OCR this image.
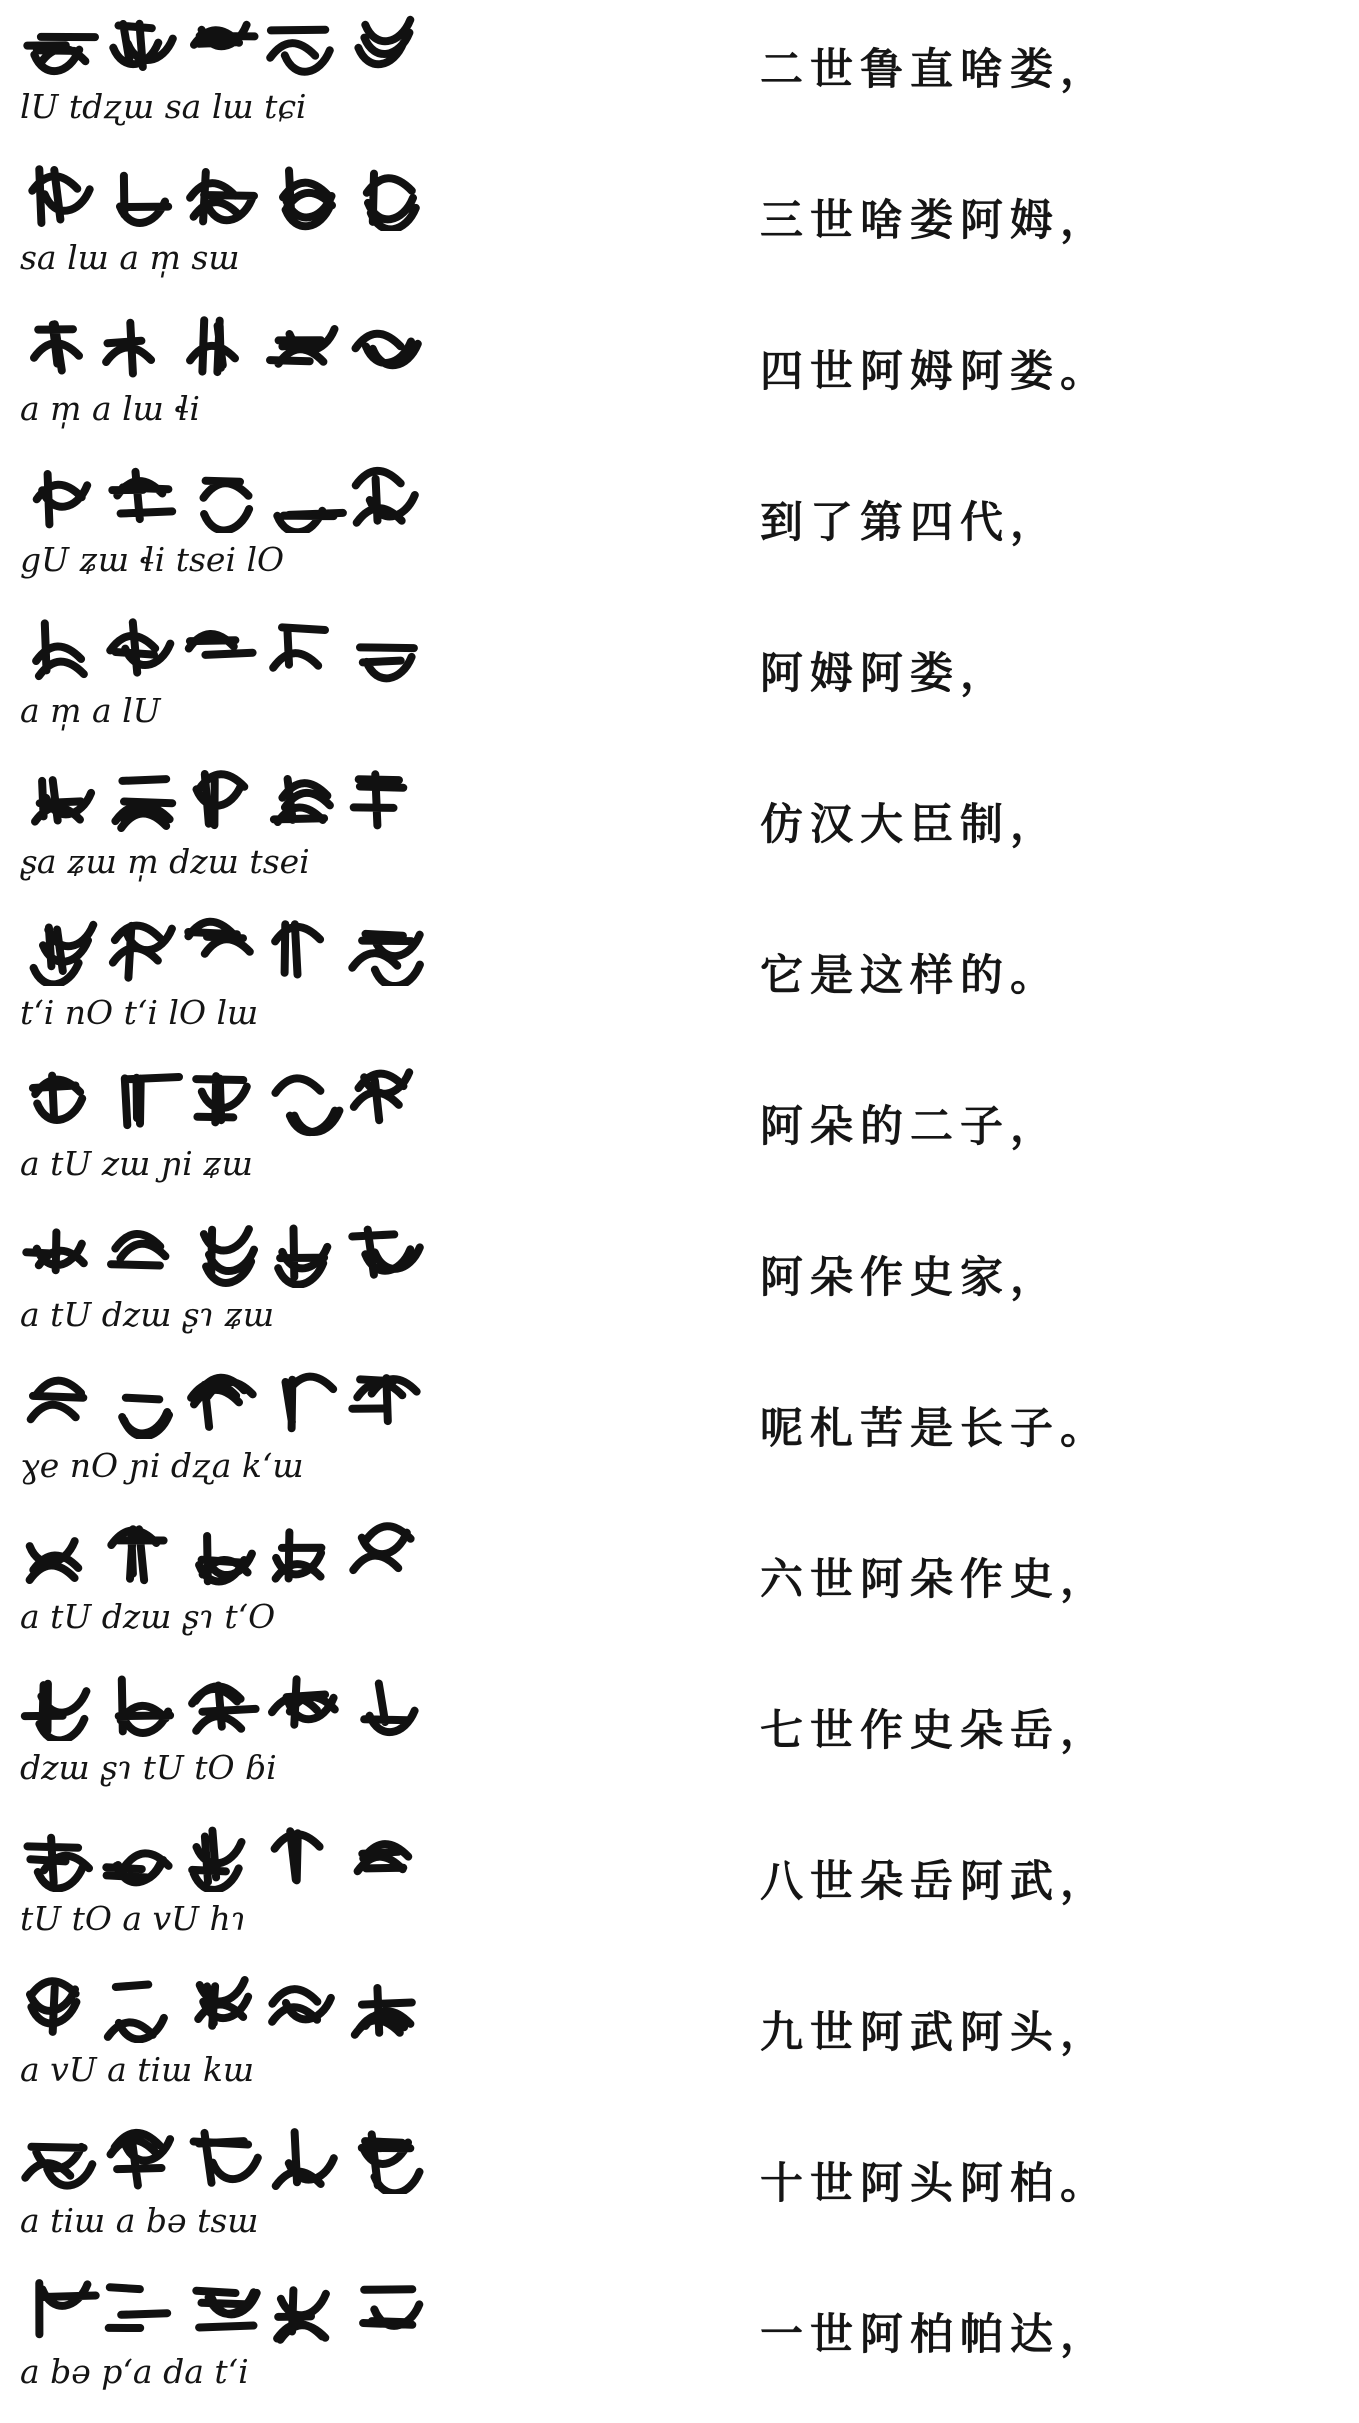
lU tdʐɯ sa lɯ tɕi
二世鲁直啥娄，
sa lɯ a m̩ sɯ
三世啥娄阿姆，
a m̩ a lɯ ɬi
四世阿姆阿娄。
gU ʑɯ ɬi tsei lO
到了第四代，
a m̩ a lU
阿姆阿娄，
ʂa ʑɯ m̩ dzɯ tsei
仿汉大臣制，
tʻi nO tʻi lO lɯ
它是这样的。
a tU zɯ ɲi ʑɯ
阿朵的二子，
a tU dzɯ ʂɿ ʑɯ
阿朵作史家，
ɣe nO ɲi dʐa kʻɯ
呢札苦是长子。
a tU dzɯ ʂɿ tʻO
六世阿朵作史，
dzɯ ʂɿ tU tO ɓi
七世作史朵岳，
tU tO a vU hɿ
八世朵岳阿武，
a vU a tiɯ kɯ
九世阿武阿头，
a tiɯ a bə tsɯ
十世阿头阿柏。
a bə pʻa da tʻi
一世阿柏帕达，
